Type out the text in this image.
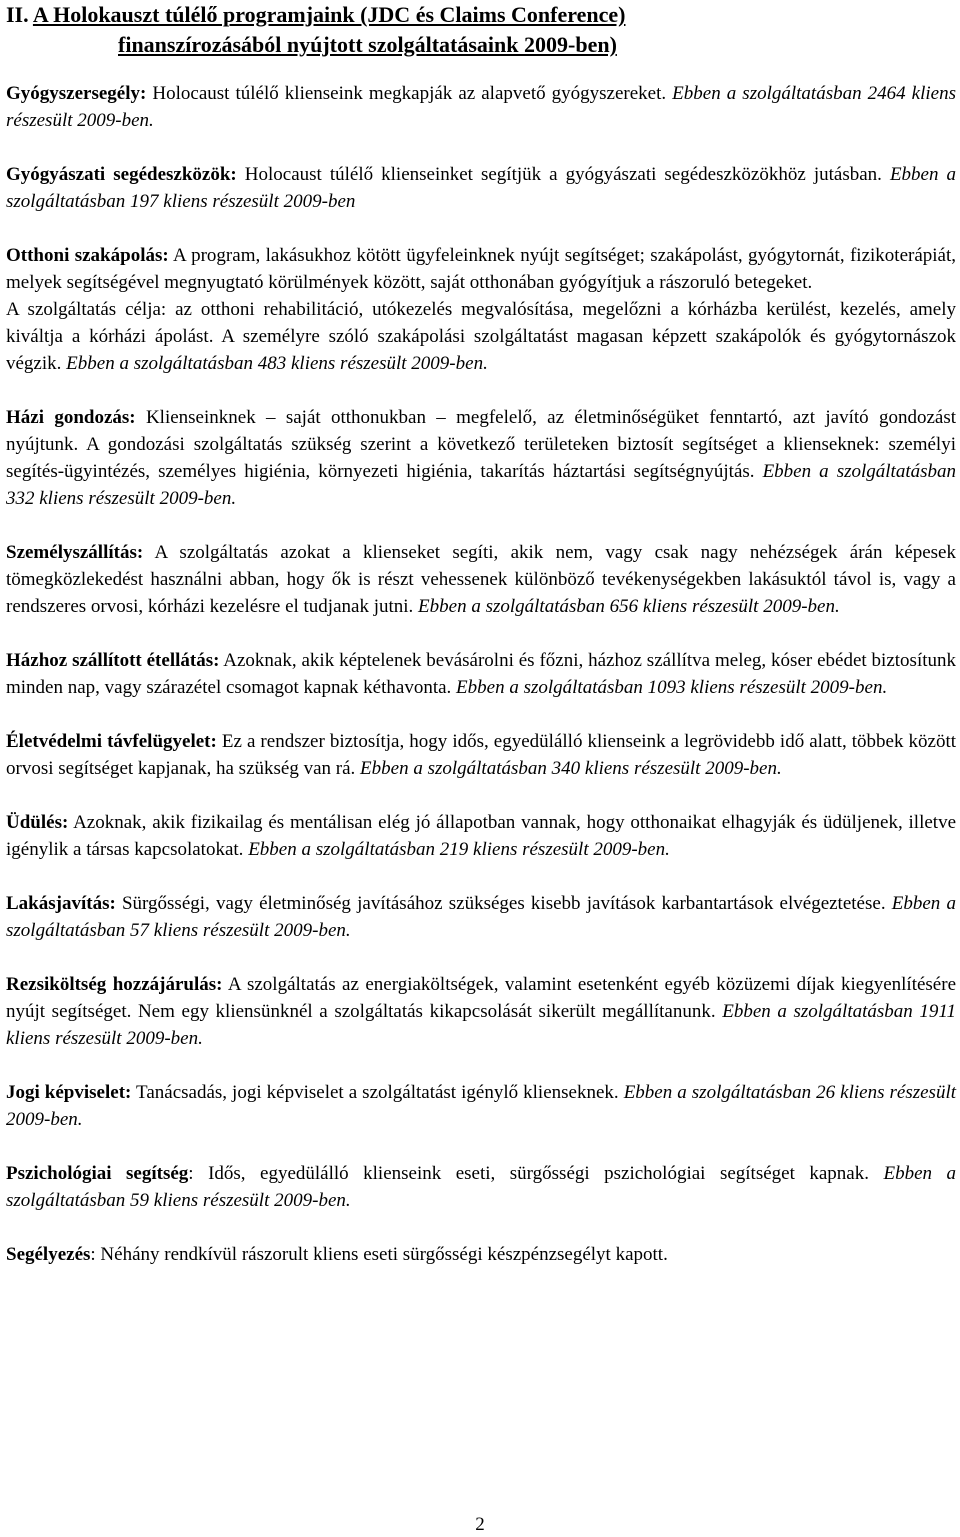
II. A Holokauszt túlélő programjaink (JDC és Claims Conference)
finanszírozásából nyújtott szolgáltatásaink 2009-ben)

Gyógyszersegély: Holocaust túlélő klienseink megkapják az alapvető gyógyszereket. Ebben a szolgáltatásban 2464 kliens részesült 2009-ben.

Gyógyászati segédeszközök: Holocaust túlélő klienseinket segítjük a gyógyászati segédeszközökhöz jutásban. Ebben a szolgáltatásban 197 kliens részesült 2009-ben

Otthoni szakápolás: A program, lakásukhoz kötött ügyfeleinknek nyújt segítséget; szakápolást, gyógytornát, fizikoterápiát, melyek segítségével megnyugtató körülmények között, saját otthonában gyógyítjuk a rászoruló betegeket.

A szolgáltatás célja: az otthoni rehabilitáció, utókezelés megvalósítása, megelőzni a kórházba kerülést, kezelés, amely kiváltja a kórházi ápolást. A személyre szóló szakápolási szolgáltatást magasan képzett szakápolók és gyógytornászok végzik. Ebben a szolgáltatásban 483 kliens részesült 2009-ben.

Házi gondozás: Klienseinknek – saját otthonukban – megfelelő, az életminőségüket fenntartó, azt javító gondozást nyújtunk. A gondozási szolgáltatás szükség szerint a következő területeken biztosít segítséget a klienseknek: személyi segítés-ügyintézés, személyes higiénia, környezeti higiénia, takarítás háztartási segítségnyújtás. Ebben a szolgáltatásban 332 kliens részesült 2009-ben.

Személyszállítás: A szolgáltatás azokat a klienseket segíti, akik nem, vagy csak nagy nehézségek árán képesek tömegközlekedést használni abban, hogy ők is részt vehessenek különböző tevékenységekben lakásuktól távol is, vagy a rendszeres orvosi, kórházi kezelésre el tudjanak jutni. Ebben a szolgáltatásban 656 kliens részesült 2009-ben.

Házhoz szállított étellátás: Azoknak, akik képtelenek bevásárolni és főzni, házhoz szállítva meleg, kóser ebédet biztosítunk minden nap, vagy szárazétel csomagot kapnak kéthavonta. Ebben a szolgáltatásban 1093 kliens részesült 2009-ben.

Életvédelmi távfelügyelet: Ez a rendszer biztosítja, hogy idős, egyedülálló klienseink a legrövidebb idő alatt, többek között orvosi segítséget kapjanak, ha szükség van rá. Ebben a szolgáltatásban 340 kliens részesült 2009-ben.

Üdülés: Azoknak, akik fizikailag és mentálisan elég jó állapotban vannak, hogy otthonaikat elhagyják és üdüljenek, illetve igénylik a társas kapcsolatokat. Ebben a szolgáltatásban 219 kliens részesült 2009-ben.

Lakásjavítás: Sürgősségi, vagy életminőség javításához szükséges kisebb javítások karbantartások elvégeztetése. Ebben a szolgáltatásban 57 kliens részesült 2009-ben.

Rezsiköltség hozzájárulás: A szolgáltatás az energiaköltségek, valamint esetenként egyéb közüzemi díjak kiegyenlítésére nyújt segítséget. Nem egy kliensünknél a szolgáltatás kikapcsolását sikerült megállítanunk. Ebben a szolgáltatásban 1911 kliens részesült 2009-ben.

Jogi képviselet: Tanácsadás, jogi képviselet a szolgáltatást igénylő klienseknek. Ebben a szolgáltatásban 26 kliens részesült 2009-ben.

Pszichológiai segítség: Idős, egyedülálló klienseink eseti, sürgősségi pszichológiai segítséget kapnak. Ebben a szolgáltatásban 59 kliens részesült 2009-ben.

Segélyezés: Néhány rendkívül rászorult kliens eseti sürgősségi készpénzsegélyt kapott.

2
